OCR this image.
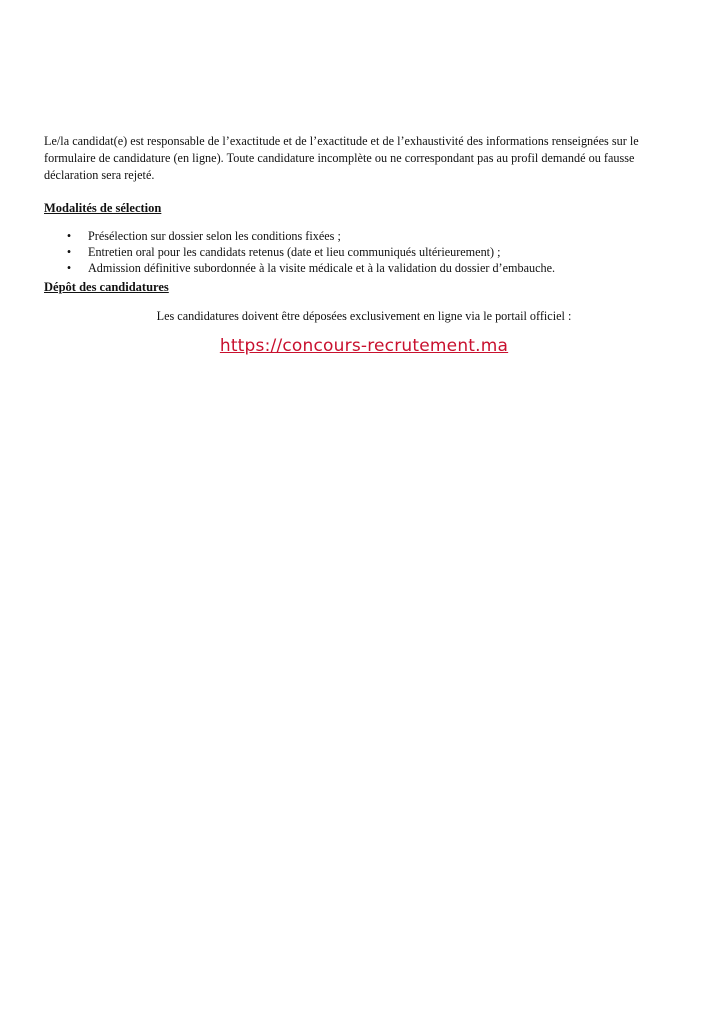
Le/la candidat(e) est responsable de l’exactitude et de l’exactitude et de l’exhaustivité des informations renseignées sur le formulaire de candidature (en ligne). Toute candidature incomplète ou ne correspondant pas au profil demandé ou fausse déclaration sera rejeté.

Modalités de sélection
• Présélection sur dossier selon les conditions fixées ;
• Entretien oral pour les candidats retenus (date et lieu communiqués ultérieurement) ;
• Admission définitive subordonnée à la visite médicale et à la validation du dossier d’embauche.
Dépôt des candidatures

Les candidatures doivent être déposées exclusivement en ligne via le portail officiel :

https://concours-recrutement.ma
